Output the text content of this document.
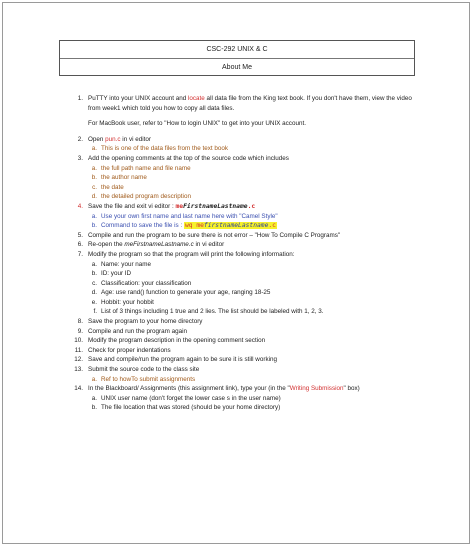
CSC-292 UNIX & C
About Me
1. PuTTY into your UNIX account and locate all data file from the King text book. If you don't have them, view the video from week1 which told you how to copy all data files.
For MacBook user, refer to "How to login UNIX" to get into your UNIX account.
2. Open pun.c in vi editor
a. This is one of the data files from the text book
3. Add the opening comments at the top of the source code which includes
a. the full path name and file name
b. the author name
c. the date
d. the detailed program description
4. Save the file and exit vi editor : meFirstnameLastname.c
a. Use your own first name and last name here with "Camel Style"
b. Command to save the file is : wq mefirstnameLastname.c
5. Compile and run the program to be sure there is not error – "How To Compile C Programs"
6. Re-open the meFirstnameLastname.c in vi editor
7. Modify the program so that the program will print the following information:
a. Name: your name
b. ID: your ID
c. Classification: your classification
d. Age: use rand() function to generate your age, ranging 18-25
e. Hobbit: your hobbit
f. List of 3 things including 1 true and 2 lies. The list should be labeled with 1, 2, 3.
8. Save the program to your home directory
9. Compile and run the program again
10. Modify the program description in the opening comment section
11. Check for proper indentations
12. Save and compile/run the program again to be sure it is still working
13. Submit the source code to the class site
a. Ref to howTo submit assignments
14. In the Blackboard/ Assignments (this assignment link), type your (in the "Writing Submission" box)
a. UNIX user name (don't forget the lower case s in the user name)
b. The file location that was stored (should be your home directory)
